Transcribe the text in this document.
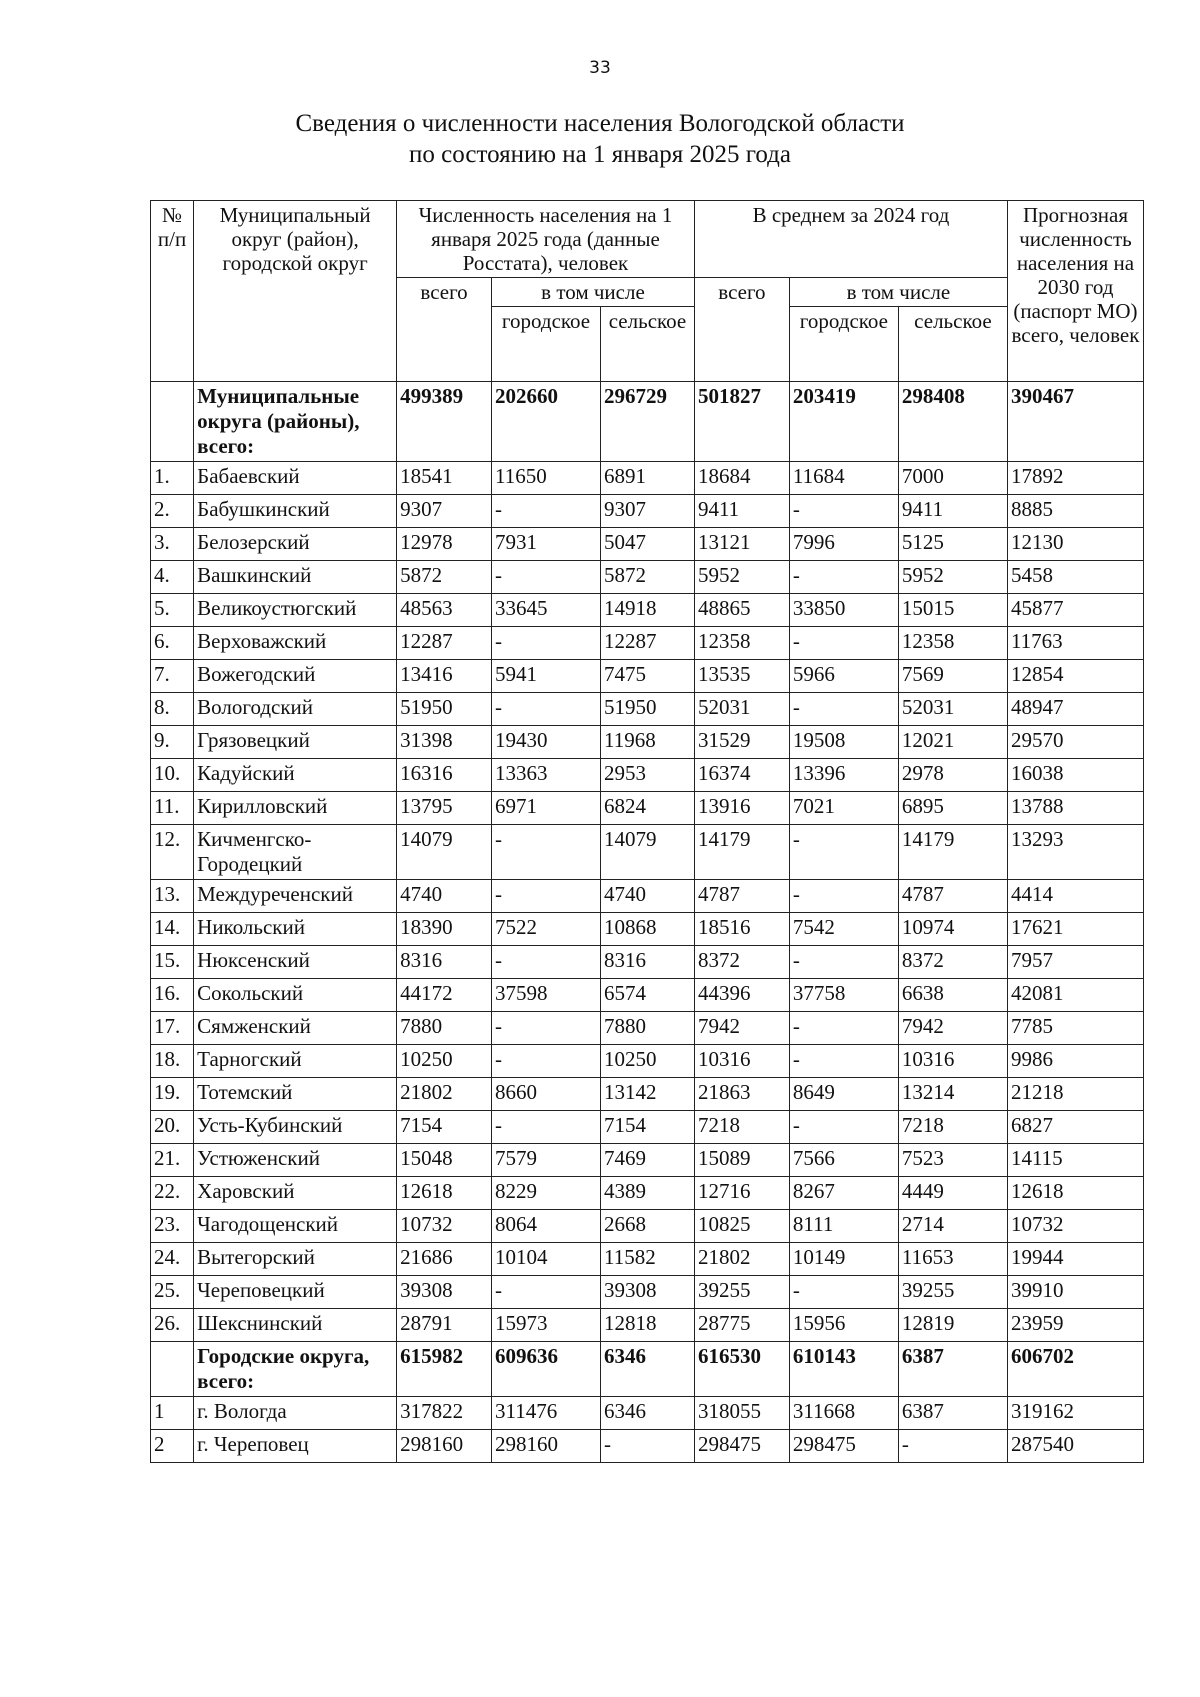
33
Сведения о численности населения Вологодской области
по состоянию на 1 января 2025 года
№ п/п	Муниципальный округ (район), городской округ	Численность населения на 1 января 2025 года (данные Росстата), человек			В среднем за 2024 год			Прогнозная численность населения на 2030 год (паспорт МО) всего, человек
		всего	в том числе		всего	в том числе		
			городское	сельское		городское	сельское	
	Муниципальные округа (районы), всего:	499389	202660	296729	501827	203419	298408	390467
1.	Бабаевский	18541	11650	6891	18684	11684	7000	17892
2.	Бабушкинский	9307	-	9307	9411	-	9411	8885
3.	Белозерский	12978	7931	5047	13121	7996	5125	12130
4.	Вашкинский	5872	-	5872	5952	-	5952	5458
5.	Великоустюгский	48563	33645	14918	48865	33850	15015	45877
6.	Верховажский	12287	-	12287	12358	-	12358	11763
7.	Вожегодский	13416	5941	7475	13535	5966	7569	12854
8.	Вологодский	51950	-	51950	52031	-	52031	48947
9.	Грязовецкий	31398	19430	11968	31529	19508	12021	29570
10.	Кадуйский	16316	13363	2953	16374	13396	2978	16038
11.	Кирилловский	13795	6971	6824	13916	7021	6895	13788
12.	Кичменгско-Городецкий	14079	-	14079	14179	-	14179	13293
13.	Междуреченский	4740	-	4740	4787	-	4787	4414
14.	Никольский	18390	7522	10868	18516	7542	10974	17621
15.	Нюксенский	8316	-	8316	8372	-	8372	7957
16.	Сокольский	44172	37598	6574	44396	37758	6638	42081
17.	Сямженский	7880	-	7880	7942	-	7942	7785
18.	Тарногский	10250	-	10250	10316	-	10316	9986
19.	Тотемский	21802	8660	13142	21863	8649	13214	21218
20.	Усть-Кубинский	7154	-	7154	7218	-	7218	6827
21.	Устюженский	15048	7579	7469	15089	7566	7523	14115
22.	Харовский	12618	8229	4389	12716	8267	4449	12618
23.	Чагодощенский	10732	8064	2668	10825	8111	2714	10732
24.	Вытегорский	21686	10104	11582	21802	10149	11653	19944
25.	Череповецкий	39308	-	39308	39255	-	39255	39910
26.	Шекснинский	28791	15973	12818	28775	15956	12819	23959
	Городские округа, всего:	615982	609636	6346	616530	610143	6387	606702
1	г. Вологда	317822	311476	6346	318055	311668	6387	319162
2	г. Череповец	298160	298160	-	298475	298475	-	287540
